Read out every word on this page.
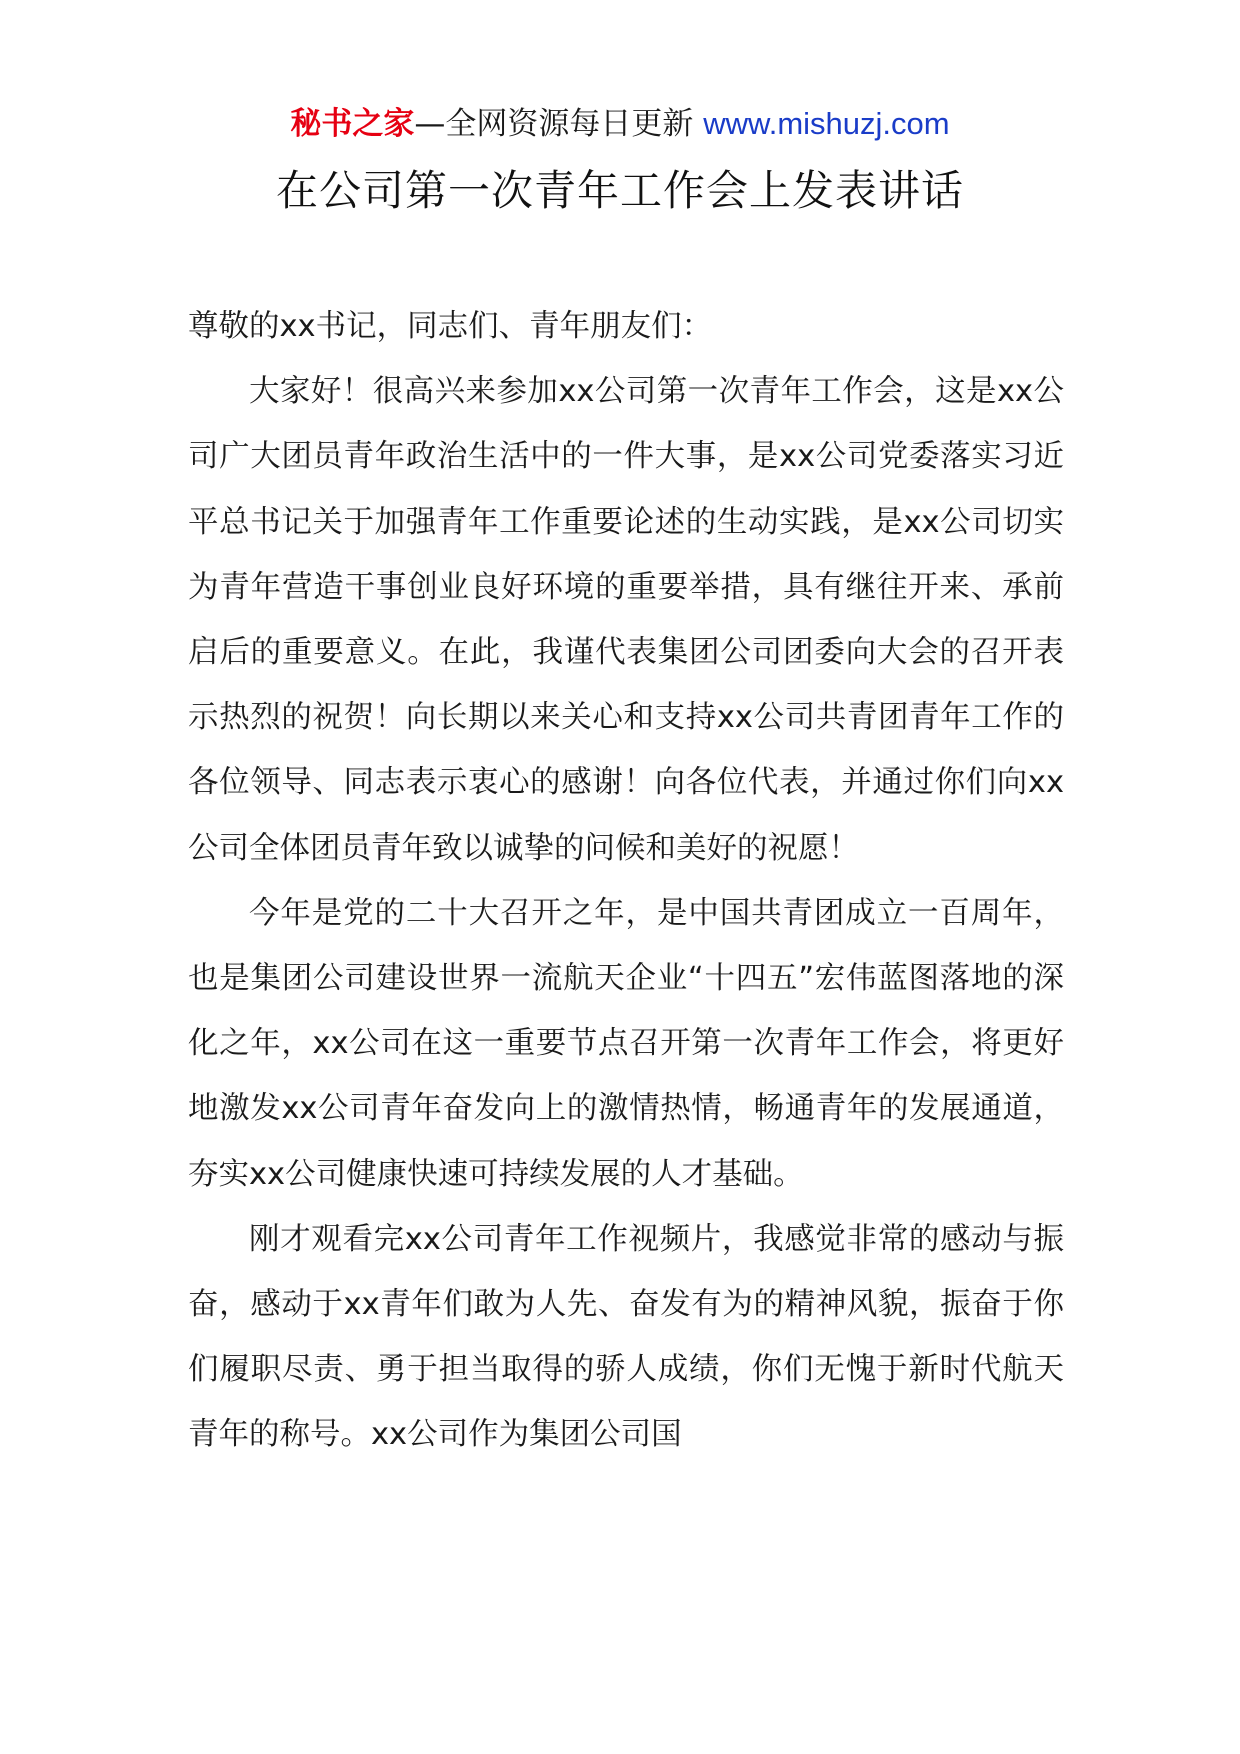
秘书之家—全网资源每日更新 www.mishuzj.com
在公司第一次青年工作会上发表讲话

尊敬的xx书记，同志们、青年朋友们：

大家好！很高兴来参加xx公司第一次青年工作会，这是xx公司广大团员青年政治生活中的一件大事，是xx公司党委落实习近平总书记关于加强青年工作重要论述的生动实践，是xx公司切实为青年营造干事创业良好环境的重要举措，具有继往开来、承前启后的重要意义。在此，我谨代表集团公司团委向大会的召开表示热烈的祝贺！向长期以来关心和支持xx公司共青团青年工作的各位领导、同志表示衷心的感谢！向各位代表，并通过你们向xx公司全体团员青年致以诚挚的问候和美好的祝愿！

今年是党的二十大召开之年，是中国共青团成立一百周年，也是集团公司建设世界一流航天企业“十四五”宏伟蓝图落地的深化之年，xx公司在这一重要节点召开第一次青年工作会，将更好地激发xx公司青年奋发向上的激情热情，畅通青年的发展通道，夯实xx公司健康快速可持续发展的人才基础。

刚才观看完xx公司青年工作视频片，我感觉非常的感动与振奋，感动于xx青年们敢为人先、奋发有为的精神风貌，振奋于你们履职尽责、勇于担当取得的骄人成绩，你们无愧于新时代航天青年的称号。xx公司作为集团公司国
